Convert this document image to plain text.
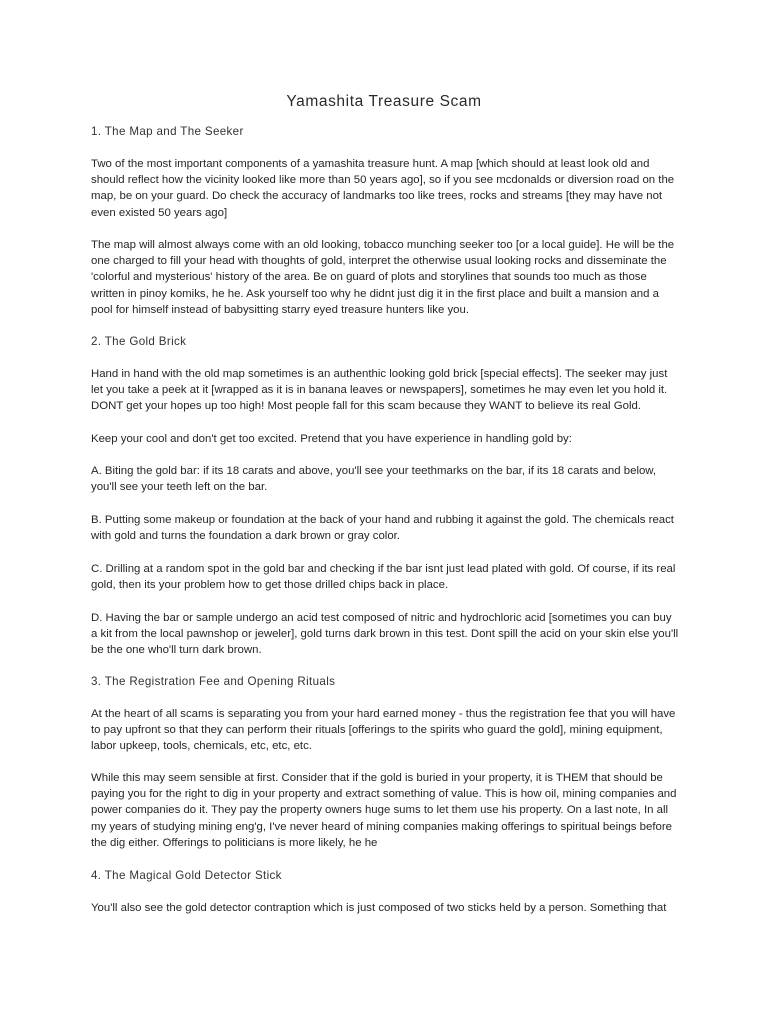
Yamashita Treasure Scam

1. The Map and The Seeker

Two of the most important components of a yamashita treasure hunt. A map [which should at least look old and should reflect how the vicinity looked like more than 50 years ago], so if you see mcdonalds or diversion road on the map, be on your guard. Do check the accuracy of landmarks too like trees, rocks and streams [they may have not even existed 50 years ago]

The map will almost always come with an old looking, tobacco munching seeker too [or a local guide]. He will be the one charged to fill your head with thoughts of gold, interpret the otherwise usual looking rocks and disseminate the 'colorful and mysterious' history of the area. Be on guard of plots and storylines that sounds too much as those written in pinoy komiks, he he. Ask yourself too why he didnt just dig it in the first place and built a mansion and a pool for himself instead of babysitting starry eyed treasure hunters like you.

2. The Gold Brick

Hand in hand with the old map sometimes is an authenthic looking gold brick [special effects]. The seeker may just let you take a peek at it [wrapped as it is in banana leaves or newspapers], sometimes he may even let you hold it. DONT get your hopes up too high! Most people fall for this scam because they WANT to believe its real Gold.

Keep your cool and don't get too excited. Pretend that you have experience in handling gold by:

A. Biting the gold bar: if its 18 carats and above, you'll see your teethmarks on the bar, if its 18 carats and below, you'll see your teeth left on the bar.

B. Putting some makeup or foundation at the back of your hand and rubbing it against the gold. The chemicals react with gold and turns the foundation a dark brown or gray color.

C. Drilling at a random spot in the gold bar and checking if the bar isnt just lead plated with gold. Of course, if its real gold, then its your problem how to get those drilled chips back in place.

D. Having the bar or sample undergo an acid test composed of nitric and hydrochloric acid [sometimes you can buy a kit from the local pawnshop or jeweler], gold turns dark brown in this test. Dont spill the acid on your skin else you'll be the one who'll turn dark brown.

3. The Registration Fee and Opening Rituals

At the heart of all scams is separating you from your hard earned money - thus the registration fee that you will have to pay upfront so that they can perform their rituals [offerings to the spirits who guard the gold], mining equipment, labor upkeep, tools, chemicals, etc, etc, etc.

While this may seem sensible at first. Consider that if the gold is buried in your property, it is THEM that should be paying you for the right to dig in your property and extract something of value. This is how oil, mining companies and power companies do it. They pay the property owners huge sums to let them use his property. On a last note, In all my years of studying mining eng'g, I've never heard of mining companies making offerings to spiritual beings before the dig either. Offerings to politicians is more likely, he he

4. The Magical Gold Detector Stick

You'll also see the gold detector contraption which is just composed of two sticks held by a person. Something that
